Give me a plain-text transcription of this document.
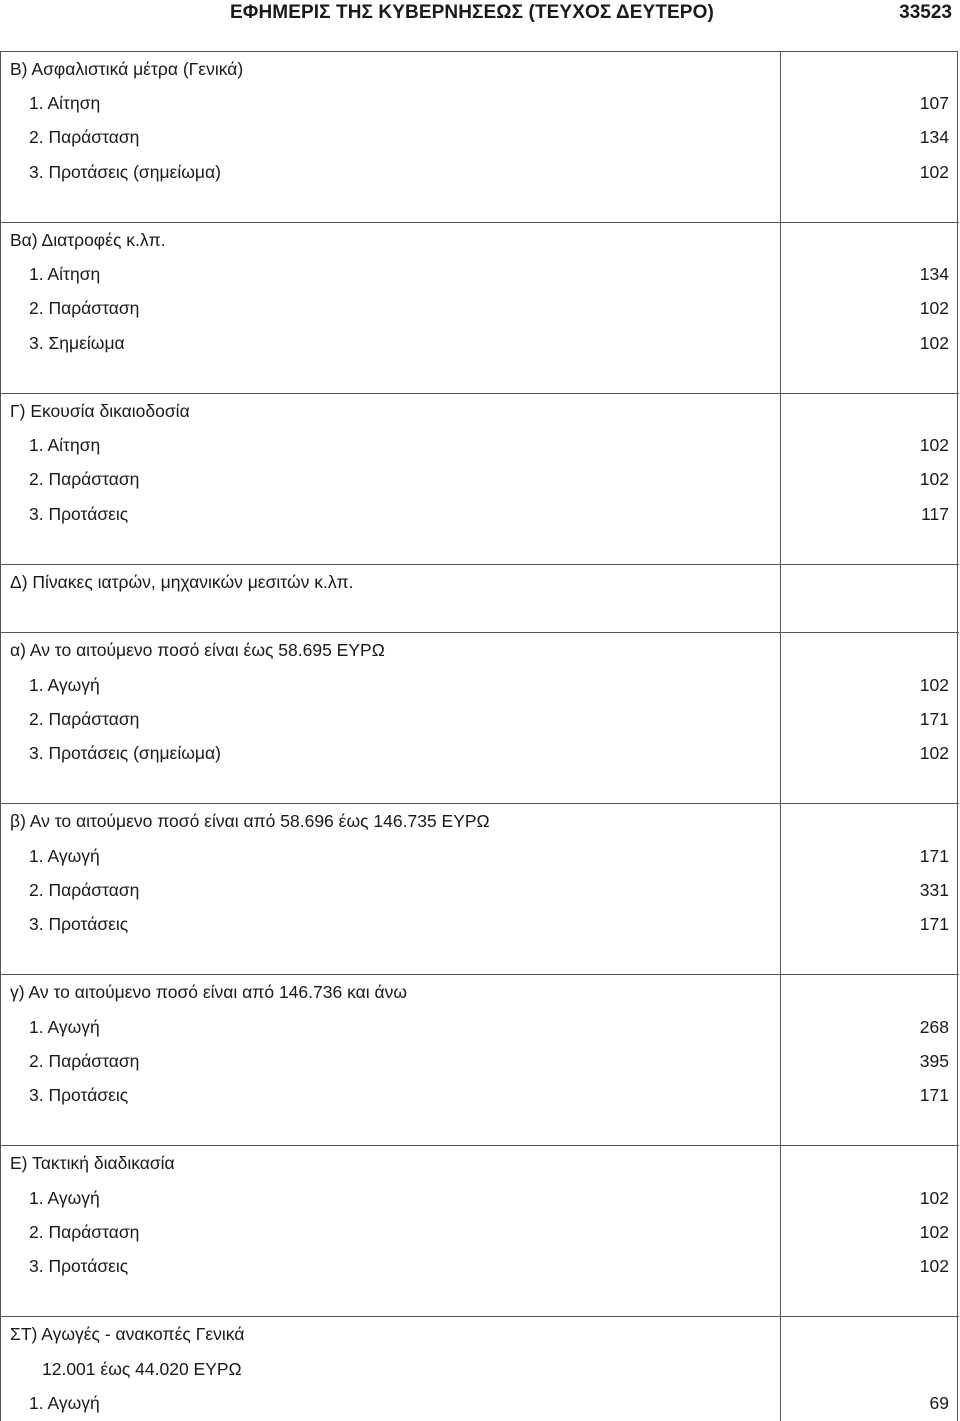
ΕΦΗΜΕΡΙΣ ΤΗΣ ΚΥΒΕΡΝΗΣΕΩΣ (ΤΕΥΧΟΣ ΔΕΥΤΕΡΟ)	33523
Β) Ασφαλιστικά μέτρα (Γενικά)
1. Αίτηση	107
2. Παράσταση	134
3. Προτάσεις (σημείωμα)	102
Βα) Διατροφές κ.λπ.
1. Αίτηση	134
2. Παράσταση	102
3. Σημείωμα	102
Γ) Εκουσία δικαιοδοσία
1. Αίτηση	102
2. Παράσταση	102
3. Προτάσεις	117
Δ) Πίνακες ιατρών, μηχανικών μεσιτών κ.λπ.
α) Αν το αιτούμενο ποσό είναι έως 58.695 ΕΥΡΩ
1. Αγωγή	102
2. Παράσταση	171
3. Προτάσεις (σημείωμα)	102
β) Αν το αιτούμενο ποσό είναι από 58.696 έως 146.735 ΕΥΡΩ
1. Αγωγή	171
2. Παράσταση	331
3. Προτάσεις	171
γ) Αν το αιτούμενο ποσό είναι από 146.736 και άνω
1. Αγωγή	268
2. Παράσταση	395
3. Προτάσεις	171
Ε) Τακτική διαδικασία
1. Αγωγή	102
2. Παράσταση	102
3. Προτάσεις	102
ΣΤ) Αγωγές - ανακοπές Γενικά
12.001 έως 44.020 ΕΥΡΩ
1. Αγωγή	69
